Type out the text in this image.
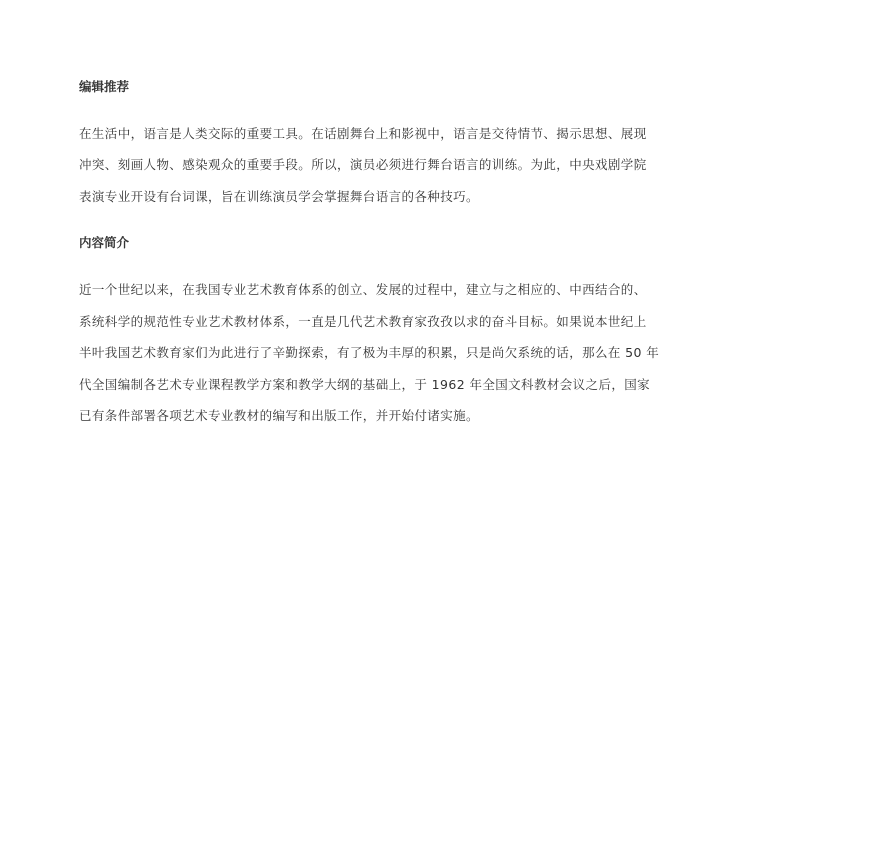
编辑推荐
在生活中，语言是人类交际的重要工具。在话剧舞台上和影视中，语言是交待情节、揭示思想、展现
冲突、刻画人物、感染观众的重要手段。所以，演员必须进行舞台语言的训练。为此，中央戏剧学院
表演专业开设有台词课，旨在训练演员学会掌握舞台语言的各种技巧。
内容简介
近一个世纪以来，在我国专业艺术教育体系的创立、发展的过程中，建立与之相应的、中西结合的、
系统科学的规范性专业艺术教材体系，一直是几代艺术教育家孜孜以求的奋斗目标。如果说本世纪上
半叶我国艺术教育家们为此进行了辛勤探索，有了极为丰厚的积累，只是尚欠系统的话，那么在 50 年
代全国编制各艺术专业课程教学方案和教学大纲的基础上，于 1962 年全国文科教材会议之后，国家
已有条件部署各项艺术专业教材的编写和出版工作，并开始付诸实施。
